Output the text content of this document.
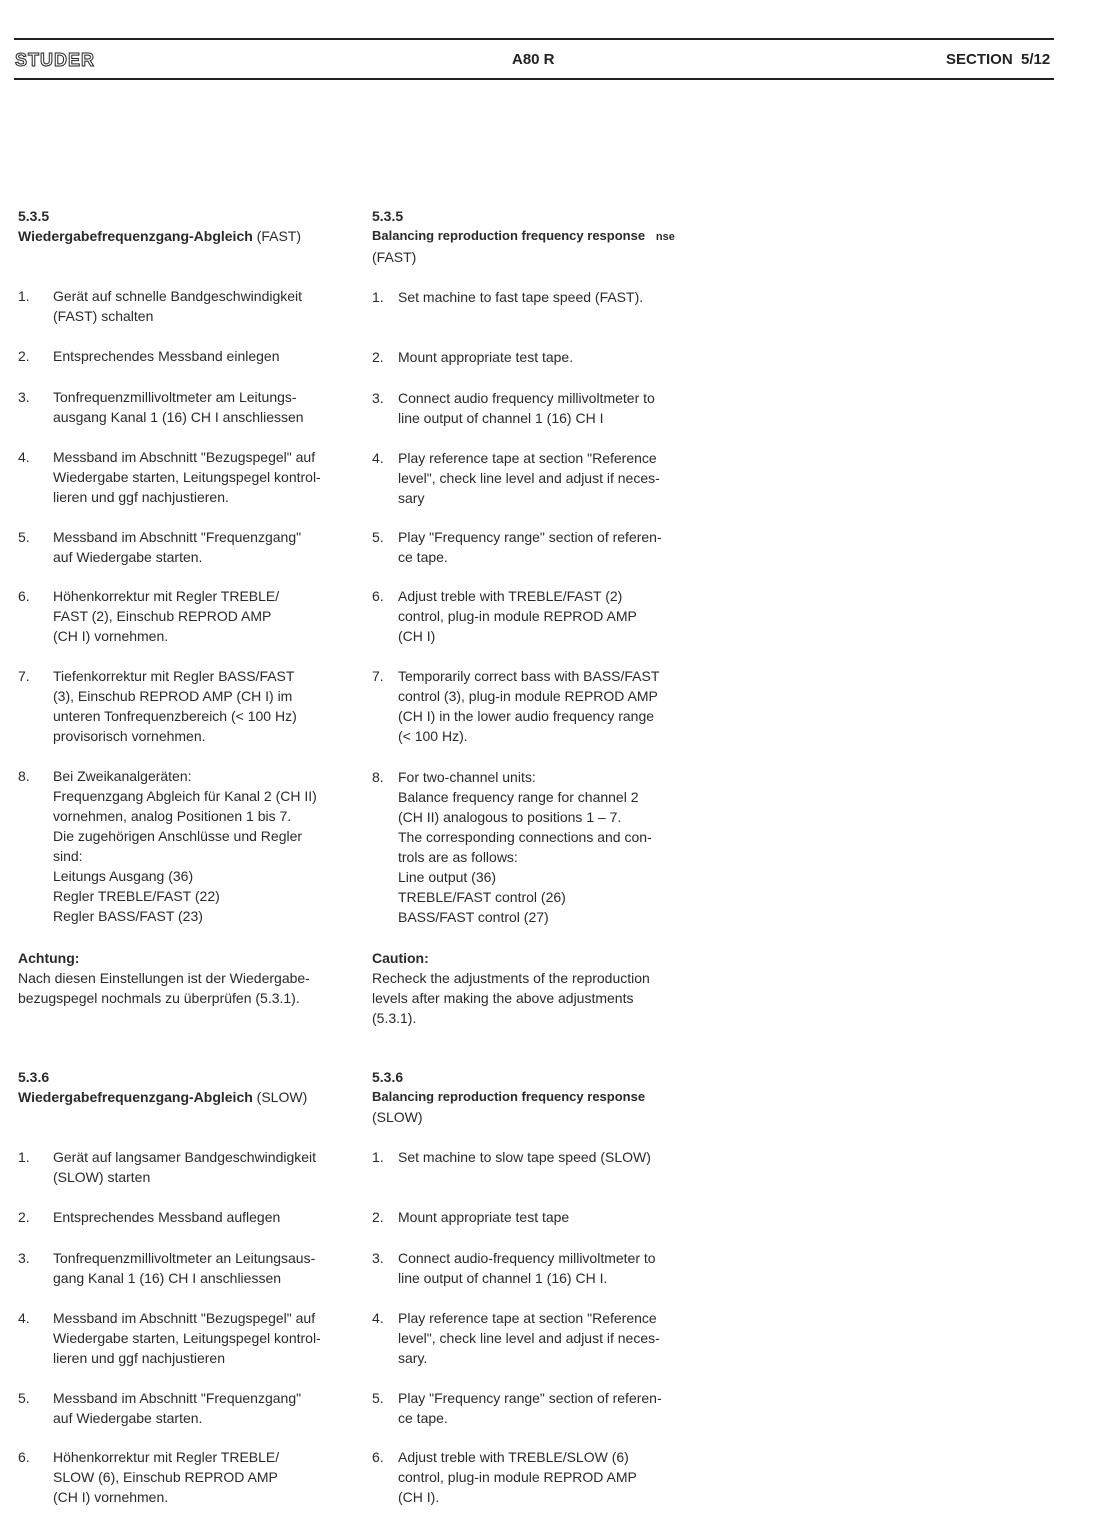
STUDER	A80 R	SECTION  5/12
5.3.5
Wiedergabefrequenzgang-Abgleich (FAST)
1. Gerät auf schnelle Bandgeschwindigkeit
(FAST) schalten
2. Entsprechendes Messband einlegen
3. Tonfrequenzmillivoltmeter am Leitungs-
ausgang Kanal 1 (16) CH I anschliessen
4. Messband im Abschnitt "Bezugspegel" auf
Wiedergabe starten, Leitungspegel kontrol-
lieren und ggf nachjustieren.
5. Messband im Abschnitt "Frequenzgang"
auf Wiedergabe starten.
6. Höhenkorrektur mit Regler TREBLE/
FAST (2), Einschub REPROD AMP
(CH I) vornehmen.
7. Tiefenkorrektur mit Regler BASS/FAST
(3), Einschub REPROD AMP (CH I) im
unteren Tonfrequenzbereich (< 100 Hz)
provisorisch vornehmen.
8. Bei Zweikanalgeräten:
Frequenzgang Abgleich für Kanal 2 (CH II)
vornehmen, analog Positionen 1 bis 7.
Die zugehörigen Anschlüsse und Regler
sind:
Leitungs Ausgang (36)
Regler TREBLE/FAST (22)
Regler BASS/FAST (23)
Achtung:
Nach diesen Einstellungen ist der Wiedergabe-
bezugspegel nochmals zu überprüfen (5.3.1).
5.3.6
Wiedergabefrequenzgang-Abgleich (SLOW)
1. Gerät auf langsamer Bandgeschwindigkeit
(SLOW) starten
2. Entsprechendes Messband auflegen
3. Tonfrequenzmillivoltmeter an Leitungsaus-
gang Kanal 1 (16) CH I anschliessen
4. Messband im Abschnitt "Bezugspegel" auf
Wiedergabe starten, Leitungspegel kontrol-
lieren und ggf nachjustieren
5. Messband im Abschnitt "Frequenzgang"
auf Wiedergabe starten.
6. Höhenkorrektur mit Regler TREBLE/
SLOW (6), Einschub REPROD AMP
(CH I) vornehmen.
5.3.5
Balancing reproduction frequency response nse
(FAST)
1. Set machine to fast tape speed (FAST).
2. Mount appropriate test tape.
3. Connect audio frequency millivoltmeter to
line output of channel 1 (16) CH I
4. Play reference tape at section "Reference
level", check line level and adjust if neces-
sary
5. Play "Frequency range" section of referen-
ce tape.
6. Adjust treble with TREBLE/FAST (2)
control, plug-in module REPROD AMP
(CH I)
7. Temporarily correct bass with BASS/FAST
control (3), plug-in module REPROD AMP
(CH I) in the lower audio frequency range
(< 100 Hz).
8. For two-channel units:
Balance frequency range for channel 2
(CH II) analogous to positions 1 – 7.
The corresponding connections and con-
trols are as follows:
Line output (36)
TREBLE/FAST control (26)
BASS/FAST control (27)
Caution:
Recheck the adjustments of the reproduction
levels after making the above adjustments
(5.3.1).
5.3.6
Balancing reproduction frequency response
(SLOW)
1. Set machine to slow tape speed (SLOW)
2. Mount appropriate test tape
3. Connect audio-frequency millivoltmeter to
line output of channel 1 (16) CH I.
4. Play reference tape at section "Reference
level", check line level and adjust if neces-
sary.
5. Play "Frequency range" section of referen-
ce tape.
6. Adjust treble with TREBLE/SLOW (6)
control, plug-in module REPROD AMP
(CH I).
